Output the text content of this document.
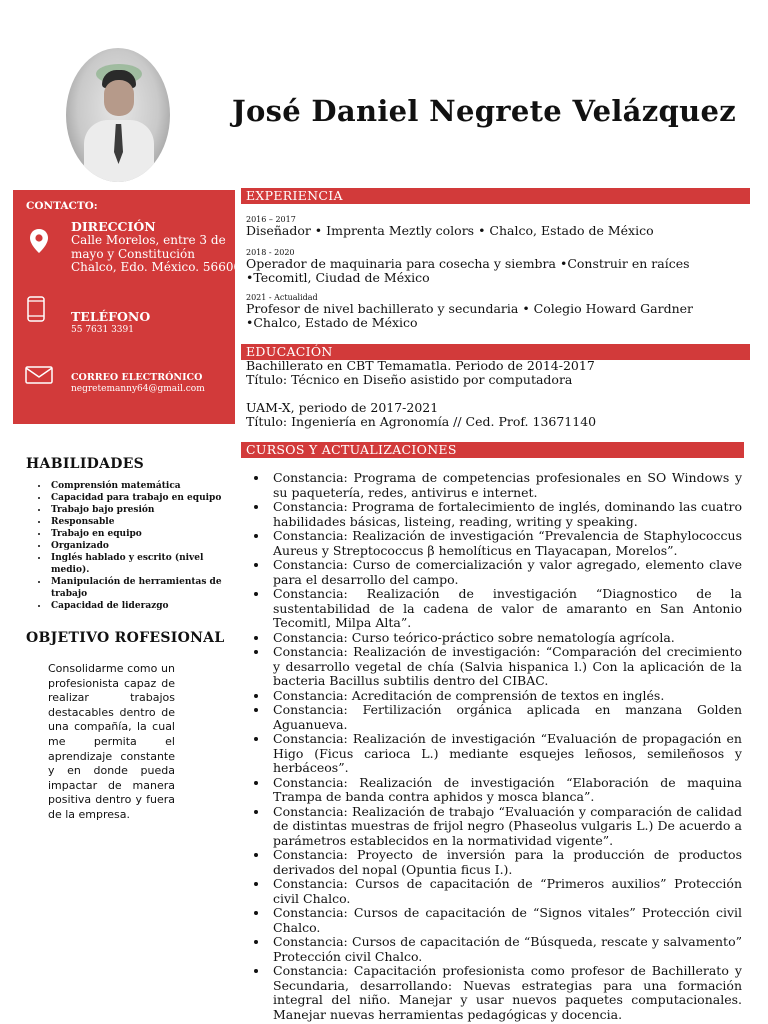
José Daniel Negrete Velázquez
CONTACTO:
DIRECCIÓN
Calle Morelos, entre 3 de
mayo y Constitución
Chalco, Edo. México. 56600
TELÉFONO
55 7631 3391
CORREO ELECTRÓNICO
negretemanny64@gmail.com
HABILIDADES
• Comprensión matemática
• Capacidad para trabajo en equipo
• Trabajo bajo presión
• Responsable
• Trabajo en equipo
• Organizado
• Inglés hablado y escrito (nivel medio).
• Manipulación de herramientas de trabajo
• Capacidad de liderazgo
OBJETIVO ROFESIONAL
Consolidarme como un profesionista capaz de realizar trabajos destacables dentro de una compañía, la cual me permita el aprendizaje constante y en donde pueda impactar de manera positiva dentro y fuera de la empresa.
EXPERIENCIA
2016 – 2017
Diseñador • Imprenta Meztly colors • Chalco, Estado de México
2018 - 2020
Operador de maquinaria para cosecha y siembra •Construir en raíces •Tecomitl, Ciudad de México
2021 - Actualidad
Profesor de nivel bachillerato y secundaria • Colegio Howard Gardner •Chalco, Estado de México
EDUCACIÓN
Bachillerato en CBT Temamatla. Periodo de 2014-2017
Título: Técnico en Diseño asistido por computadora
UAM-X, periodo de 2017-2021
Título: Ingeniería en Agronomía // Ced. Prof. 13671140
CURSOS Y ACTUALIZACIONES
• Constancia: Programa de competencias profesionales en SO Windows y su paquetería, redes, antivirus e internet.
• Constancia: Programa de fortalecimiento de inglés, dominando las cuatro habilidades básicas, listeing, reading, writing y speaking.
• Constancia: Realización de investigación “Prevalencia de Staphylococcus Aureus y Streptococcus β hemolíticus en Tlayacapan, Morelos”.
• Constancia: Curso de comercialización y valor agregado, elemento clave para el desarrollo del campo.
• Constancia: Realización de investigación “Diagnostico de la sustentabilidad de la cadena de valor de amaranto en San Antonio Tecomitl, Milpa Alta”.
• Constancia: Curso teórico-práctico sobre nematología agrícola.
• Constancia: Realización de investigación: “Comparación del crecimiento y desarrollo vegetal de chía (Salvia hispanica l.) Con la aplicación de la bacteria Bacillus subtilis dentro del CIBAC.
• Constancia: Acreditación de comprensión de textos en inglés.
• Constancia: Fertilización orgánica aplicada en manzana Golden Aguanueva.
• Constancia: Realización de investigación “Evaluación de propagación en Higo (Ficus carioca L.) mediante esquejes leñosos, semileñosos y herbáceos”.
• Constancia: Realización de investigación “Elaboración de maquina Trampa de banda contra aphidos y mosca blanca”.
• Constancia: Realización de trabajo “Evaluación y comparación de calidad de distintas muestras de frijol negro (Phaseolus vulgaris L.) De acuerdo a parámetros establecidos en la normatividad vigente”.
• Constancia: Proyecto de inversión para la producción de productos derivados del nopal (Opuntia ficus I.).
• Constancia: Cursos de capacitación de “Primeros auxilios” Protección civil Chalco.
• Constancia: Cursos de capacitación de “Signos vitales” Protección civil Chalco.
• Constancia: Cursos de capacitación de “Búsqueda, rescate y salvamento” Protección civil Chalco.
• Constancia: Capacitación profesionista como profesor de Bachillerato y Secundaria, desarrollando: Nuevas estrategias para una formación integral del niño. Manejar y usar nuevos paquetes computacionales. Manejar nuevas herramientas pedagógicas y docencia.
